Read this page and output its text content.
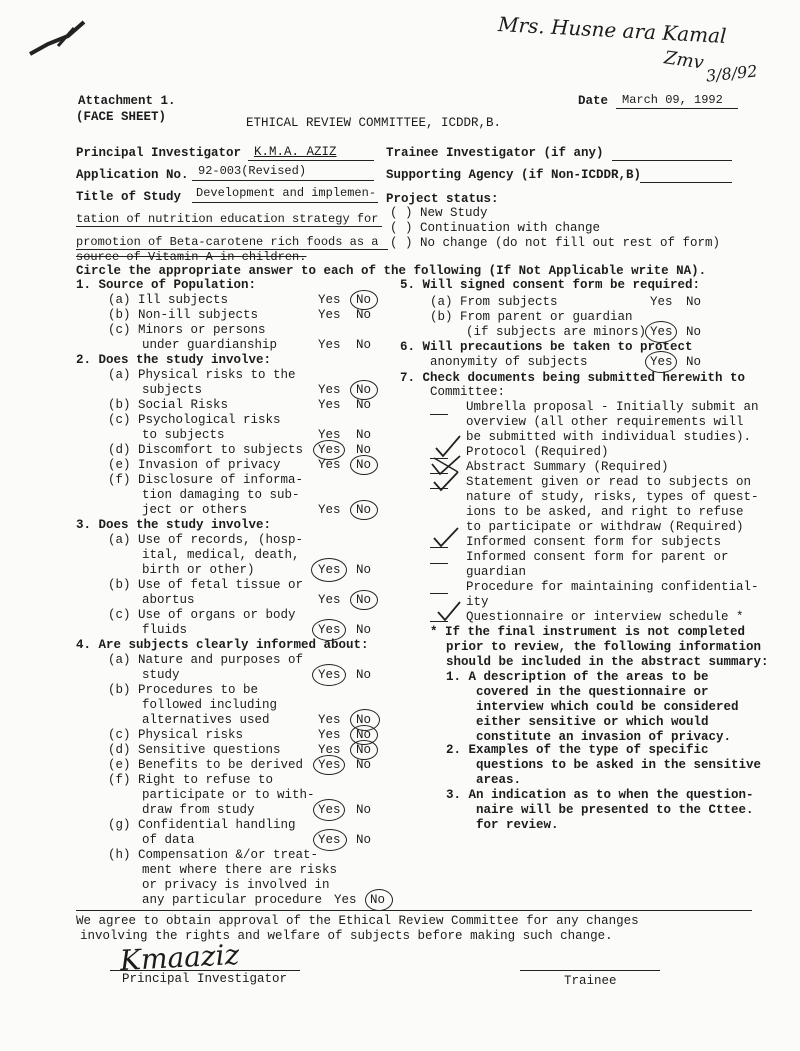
Mrs. Husne ara Kamal
Zmv 3/8/92
Attachment 1.
(FACE SHEET)	ETHICAL REVIEW COMMITTEE, ICDDR,B.
Date March 09, 1992
Principal Investigator K.M.A. AZIZ	Trainee Investigator (if any)
Application No. 92-003(Revised)	Supporting Agency (if Non-ICDDR,B)
Title of Study Development and implemen-
tation of nutrition education strategy for
promotion of Beta-carotene rich foods as a
source of Vitamin A in children.
Project status:
( ) New Study
( ) Continuation with change
( ) No change (do not fill out rest of form)
Circle the appropriate answer to each of the following (If Not Applicable write NA).
1. Source of Population:
(a) Ill subjects	Yes No
(b) Non-ill subjects	Yes No
(c) Minors or persons
under guardianship	Yes No
2. Does the study involve:
(a) Physical risks to the
subjects	Yes No
(b) Social Risks	Yes No
(c) Psychological risks
to subjects	Yes No
(d) Discomfort to subjects Yes No
(e) Invasion of privacy	Yes No
(f) Disclosure of informa-
tion damaging to sub-
ject or others	Yes No
3. Does the study involve:
(a) Use of records, (hosp-
ital, medical, death,
birth or other)	Yes No
(b) Use of fetal tissue or
abortus	Yes No
(c) Use of organs or body
fluids	Yes No
4. Are subjects clearly informed about:
(a) Nature and purposes of
study	Yes No
(b) Procedures to be
followed including
alternatives used	Yes No
(c) Physical risks	Yes No
(d) Sensitive questions	Yes No
(e) Benefits to be derived Yes No
(f) Right to refuse to
participate or to with-
draw from study	Yes No
(g) Confidential handling
of data	Yes No
(h) Compensation &/or treat-
ment where there are risks
or privacy is involved in
any particular procedure Yes No
5. Will signed consent form be required:
(a) From subjects	Yes No
(b) From parent or guardian
(if subjects are minors) Yes No
6. Will precautions be taken to protect
anonymity of subjects	Yes No
7. Check documents being submitted herewith to
Committee:
Umbrella proposal - Initially submit an
overview (all other requirements will
be submitted with individual studies).
Protocol (Required)
Abstract Summary (Required)
Statement given or read to subjects on
nature of study, risks, types of quest-
ions to be asked, and right to refuse
to participate or withdraw (Required)
Informed consent form for subjects
Informed consent form for parent or
guardian
Procedure for maintaining confidential-
ity
Questionnaire or interview schedule *
* If the final instrument is not completed
prior to review, the following information
should be included in the abstract summary:
1. A description of the areas to be
covered in the questionnaire or
interview which could be considered
either sensitive or which would
constitute an invasion of privacy.
2. Examples of the type of specific
questions to be asked in the sensitive
areas.
3. An indication as to when the question-
naire will be presented to the Cttee.
for review.
We agree to obtain approval of the Ethical Review Committee for any changes
involving the rights and welfare of subjects before making such change.
Kmaaziz
Principal Investigator	Trainee
